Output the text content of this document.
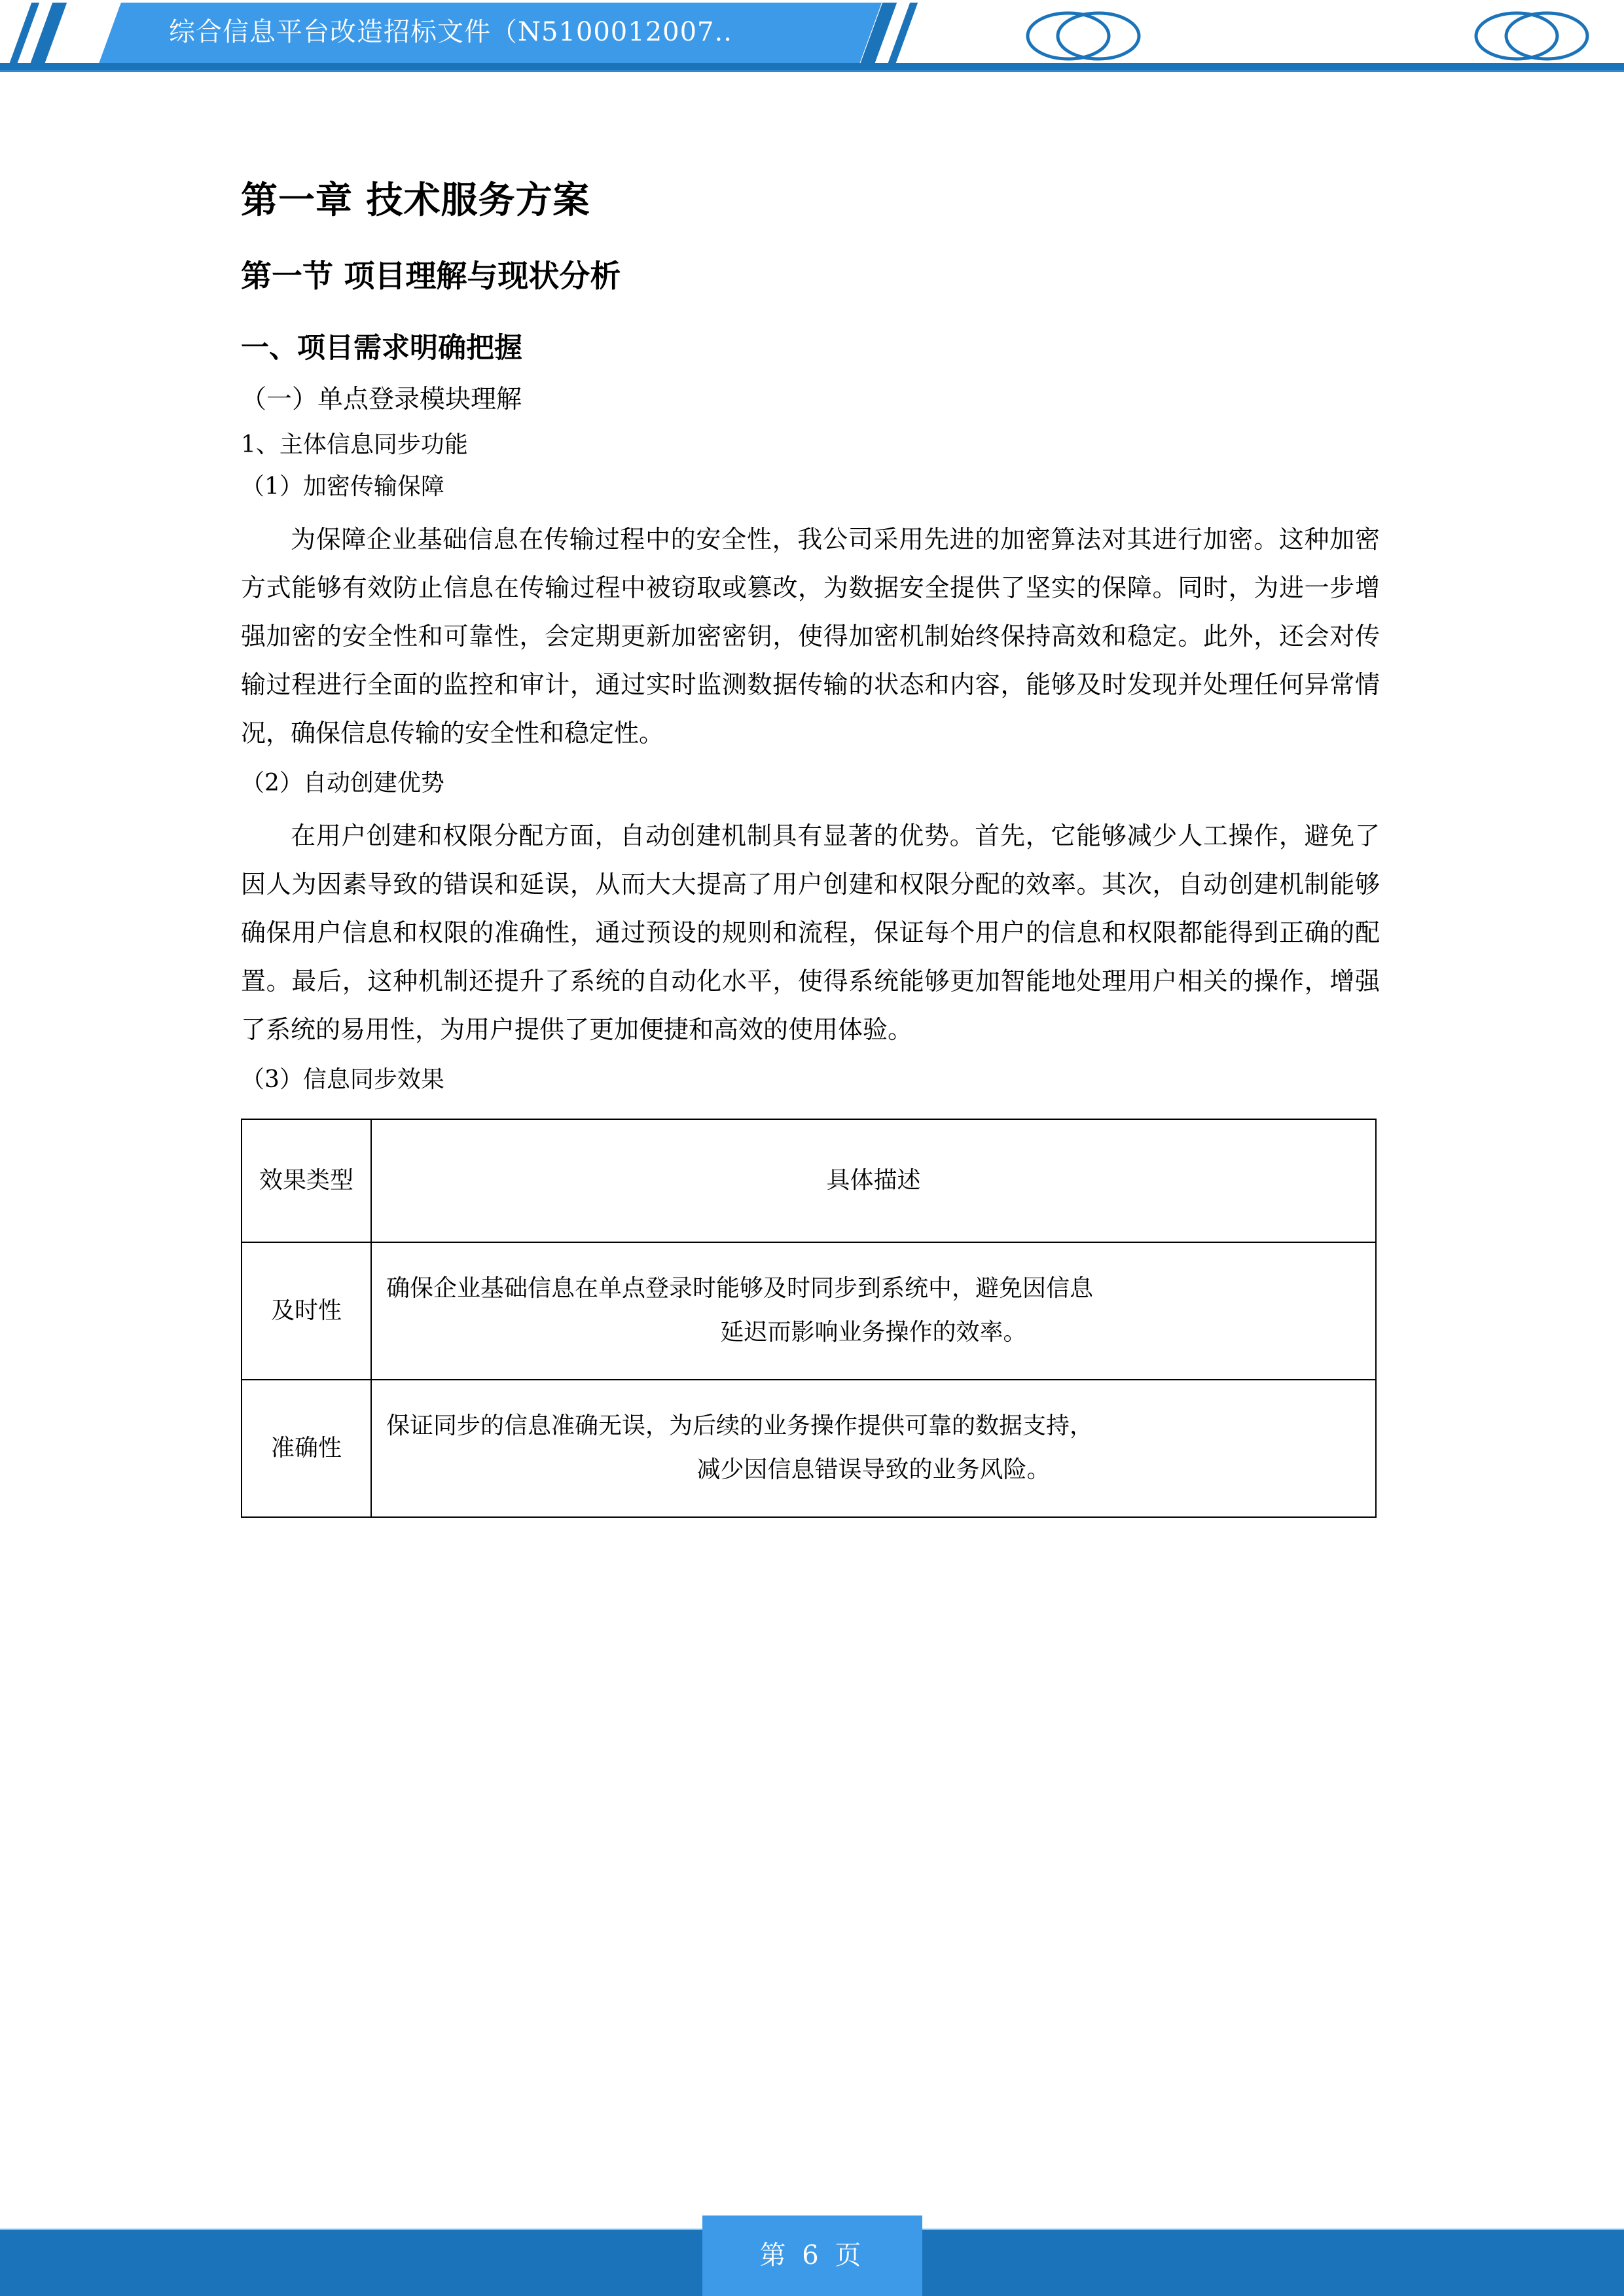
综合信息平台改造招标文件（N5100012007..
第一章 技术服务方案
第一节 项目理解与现状分析
一、项目需求明确把握
（一）单点登录模块理解
1、主体信息同步功能
（1）加密传输保障

为保障企业基础信息在传输过程中的安全性，我公司采用先进的加密算法对其进行加密。这种加密方式能够有效防止信息在传输过程中被窃取或篡改，为数据安全提供了坚实的保障。同时，为进一步增强加密的安全性和可靠性，会定期更新加密密钥，使得加密机制始终保持高效和稳定。此外，还会对传输过程进行全面的监控和审计，通过实时监测数据传输的状态和内容，能够及时发现并处理任何异常情况，确保信息传输的安全性和稳定性。

（2）自动创建优势

在用户创建和权限分配方面，自动创建机制具有显著的优势。首先，它能够减少人工操作，避免了因人为因素导致的错误和延误，从而大大提高了用户创建和权限分配的效率。其次，自动创建机制能够确保用户信息和权限的准确性，通过预设的规则和流程，保证每个用户的信息和权限都能得到正确的配置。最后，这种机制还提升了系统的自动化水平，使得系统能够更加智能地处理用户相关的操作，增强了系统的易用性，为用户提供了更加便捷和高效的使用体验。

（3）信息同步效果
效果类型	具体描述
及时性	确保企业基础信息在单点登录时能够及时同步到系统中，避免因信息
延迟而影响业务操作的效率。

准确性	保证同步的信息准确无误，为后续的业务操作提供可靠的数据支持，
减少因信息错误导致的业务风险。
第 6 页
